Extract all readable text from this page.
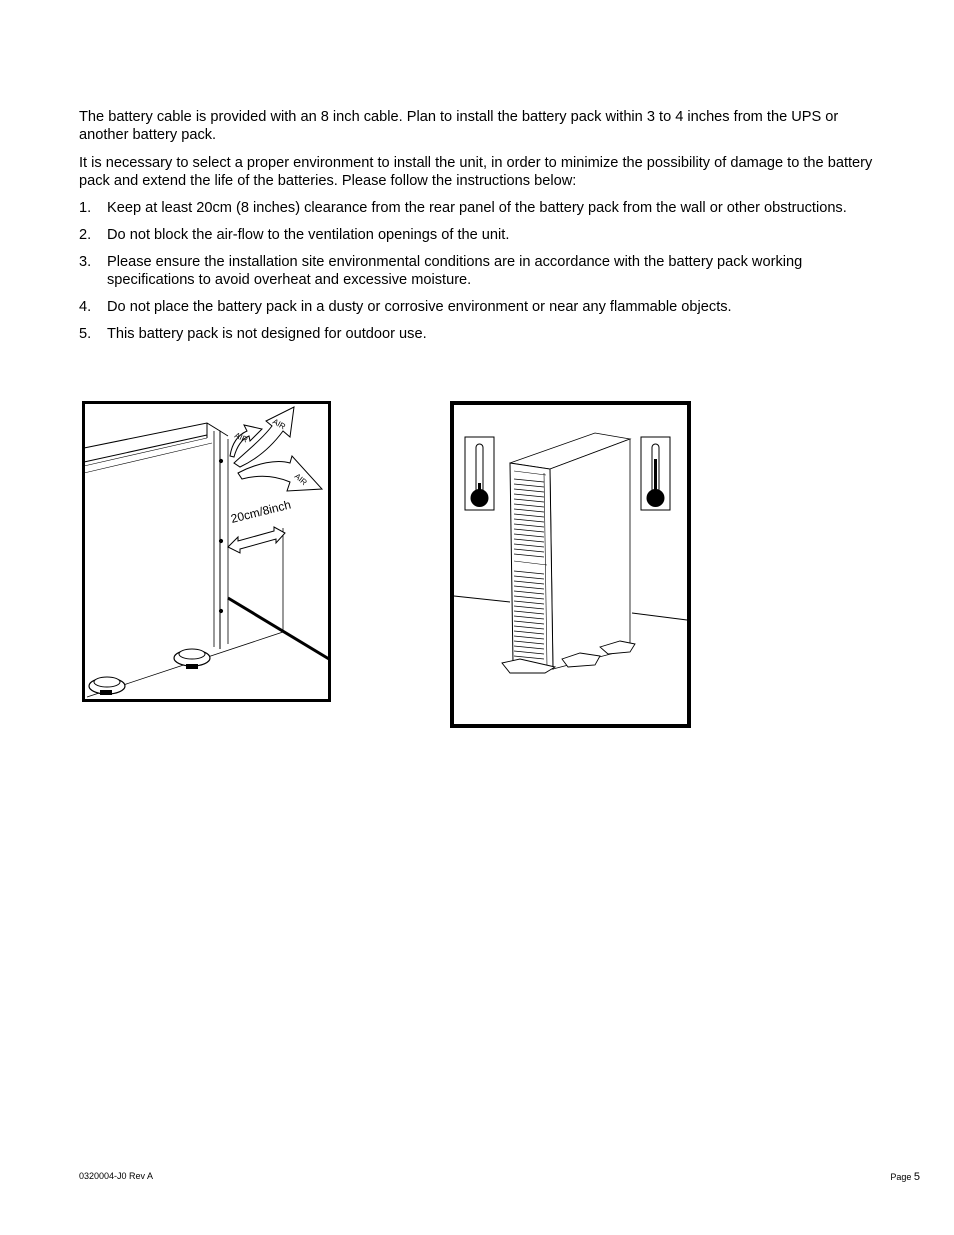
The battery cable is provided with an 8 inch cable. Plan to install the battery pack within 3 to 4 inches from the UPS or another battery pack.

It is necessary to select a proper environment to install the unit, in order to minimize the possibility of damage to the battery pack and extend the life of the batteries. Please follow the instructions below:

1. Keep at least 20cm (8 inches) clearance from the rear panel of the battery pack from the wall or other obstructions.
2. Do not block the air-flow to the ventilation openings of the unit.
3. Please ensure the installation site environmental conditions are in accordance with the battery pack working specifications to avoid overheat and excessive moisture.
4. Do not place the battery pack in a dusty or corrosive environment or near any flammable objects.
5. This battery pack is not designed for outdoor use.
AIR
AIR
AIR
20cm/8inch
0320004-J0 Rev A	Page 5
